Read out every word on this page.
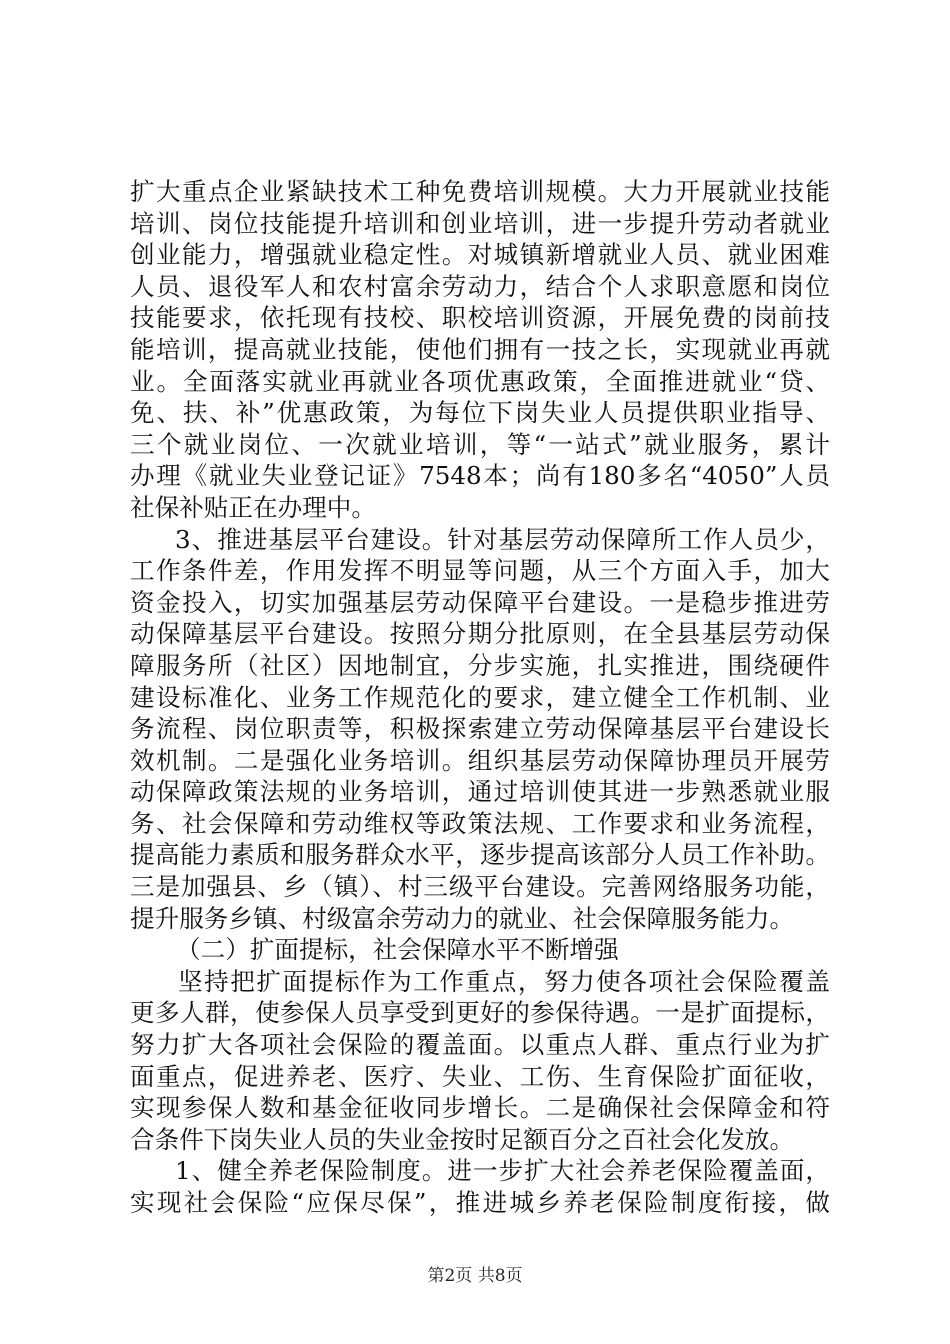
扩大重点企业紧缺技术工种免费培训规模。大力开展就业技能
培训、岗位技能提升培训和创业培训，进一步提升劳动者就业
创业能力，增强就业稳定性。对城镇新增就业人员、就业困难
人员、退役军人和农村富余劳动力，结合个人求职意愿和岗位
技能要求，依托现有技校、职校培训资源，开展免费的岗前技
能培训，提高就业技能，使他们拥有一技之长，实现就业再就
业。全面落实就业再就业各项优惠政策，全面推进就业“贷、
免、扶、补”优惠政策，为每位下岗失业人员提供职业指导、
三个就业岗位、一次就业培训，等“一站式”就业服务，累计
办理《就业失业登记证》7548本；尚有180多名“4050”人员
社保补贴正在办理中。
3、推进基层平台建设。针对基层劳动保障所工作人员少，
工作条件差，作用发挥不明显等问题，从三个方面入手，加大
资金投入，切实加强基层劳动保障平台建设。一是稳步推进劳
动保障基层平台建设。按照分期分批原则，在全县基层劳动保
障服务所（社区）因地制宜，分步实施，扎实推进，围绕硬件
建设标准化、业务工作规范化的要求，建立健全工作机制、业
务流程、岗位职责等，积极探索建立劳动保障基层平台建设长
效机制。二是强化业务培训。组织基层劳动保障协理员开展劳
动保障政策法规的业务培训，通过培训使其进一步熟悉就业服
务、社会保障和劳动维权等政策法规、工作要求和业务流程，
提高能力素质和服务群众水平，逐步提高该部分人员工作补助。
三是加强县、乡（镇）、村三级平台建设。完善网络服务功能，
提升服务乡镇、村级富余劳动力的就业、社会保障服务能力。
（二）扩面提标，社会保障水平不断增强
坚持把扩面提标作为工作重点，努力使各项社会保险覆盖
更多人群，使参保人员享受到更好的参保待遇。一是扩面提标，
努力扩大各项社会保险的覆盖面。以重点人群、重点行业为扩
面重点，促进养老、医疗、失业、工伤、生育保险扩面征收，
实现参保人数和基金征收同步增长。二是确保社会保障金和符
合条件下岗失业人员的失业金按时足额百分之百社会化发放。
1、健全养老保险制度。进一步扩大社会养老保险覆盖面，
实现社会保险“应保尽保”，推进城乡养老保险制度衔接，做
第2页 共8页
